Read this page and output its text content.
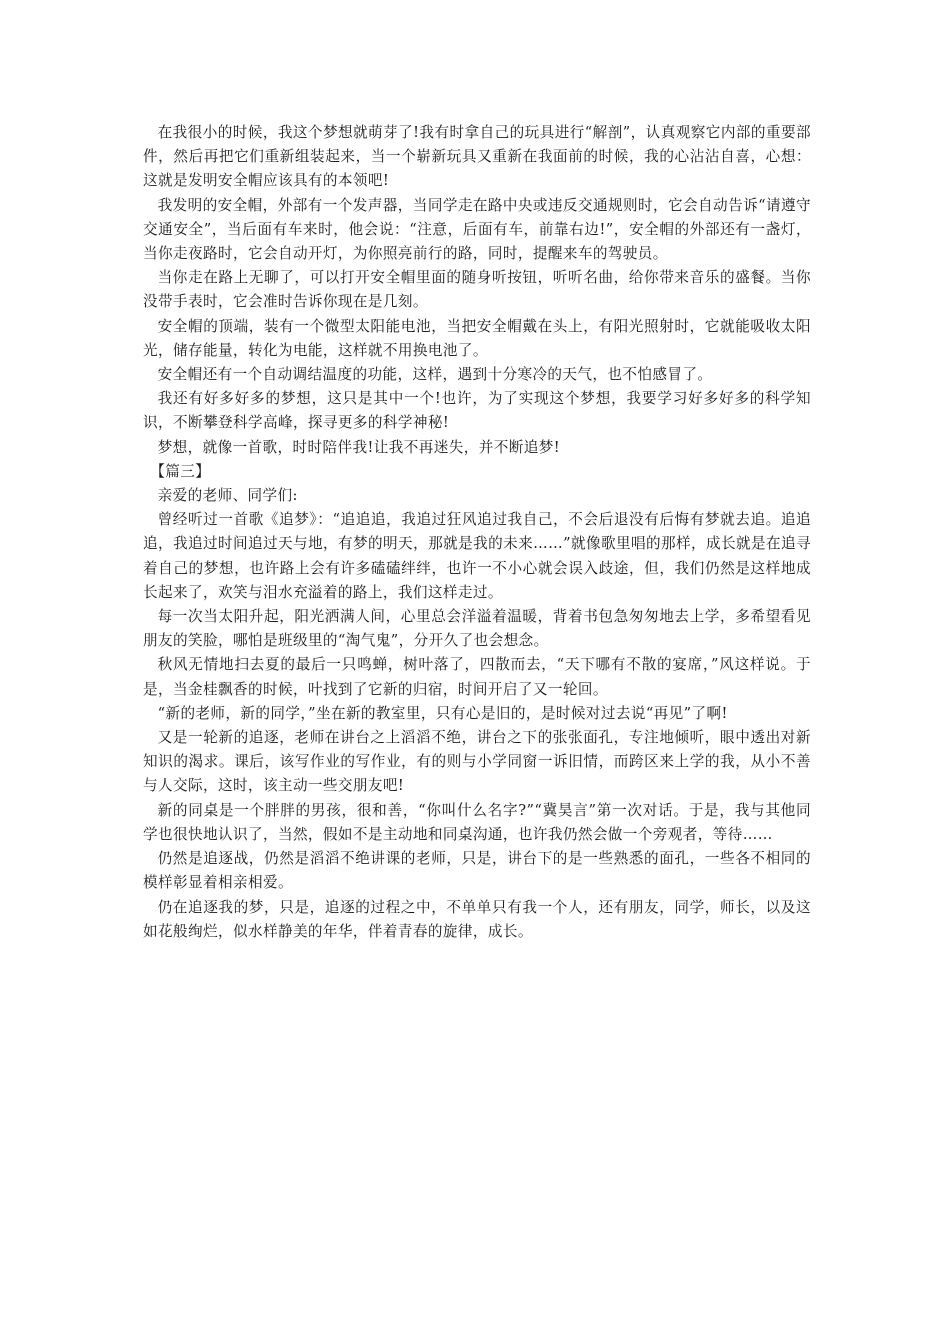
在我很小的时候，我这个梦想就萌芽了!我有时拿自己的玩具进行“解剖”，认真观察它内部的重要部件，然后再把它们重新组装起来，当一个崭新玩具又重新在我面前的时候，我的心沾沾自喜，心想：这就是发明安全帽应该具有的本领吧!

我发明的安全帽，外部有一个发声器，当同学走在路中央或违反交通规则时，它会自动告诉“请遵守交通安全”，当后面有车来时，他会说：“注意，后面有车，前靠右边!”，安全帽的外部还有一盏灯，当你走夜路时，它会自动开灯，为你照亮前行的路，同时，提醒来车的驾驶员。

当你走在路上无聊了，可以打开安全帽里面的随身听按钮，听听名曲，给你带来音乐的盛餐。当你没带手表时，它会准时告诉你现在是几刻。

安全帽的顶端，装有一个微型太阳能电池，当把安全帽戴在头上，有阳光照射时，它就能吸收太阳光，储存能量，转化为电能，这样就不用换电池了。

安全帽还有一个自动调结温度的功能，这样，遇到十分寒冷的天气，也不怕感冒了。

我还有好多好多的梦想，这只是其中一个!也许，为了实现这个梦想，我要学习好多好多的科学知识，不断攀登科学高峰，探寻更多的科学神秘!

梦想，就像一首歌，时时陪伴我!让我不再迷失，并不断追梦!

【篇三】

亲爱的老师、同学们:

曾经听过一首歌《追梦》：“追追追，我追过狂风追过我自己，不会后退没有后悔有梦就去追。追追追，我追过时间追过天与地，有梦的明天，那就是我的未来……”就像歌里唱的那样，成长就是在追寻着自己的梦想，也许路上会有许多磕磕绊绊，也许一不小心就会误入歧途，但，我们仍然是这样地成长起来了，欢笑与泪水充溢着的路上，我们这样走过。

每一次当太阳升起，阳光洒满人间，心里总会洋溢着温暖，背着书包急匆匆地去上学，多希望看见朋友的笑脸，哪怕是班级里的“淘气鬼”，分开久了也会想念。

秋风无情地扫去夏的最后一只鸣蝉，树叶落了，四散而去，“天下哪有不散的宴席，”风这样说。于是，当金桂飘香的时候，叶找到了它新的归宿，时间开启了又一轮回。

“新的老师，新的同学，”坐在新的教室里，只有心是旧的，是时候对过去说“再见”了啊!

又是一轮新的追逐，老师在讲台之上滔滔不绝，讲台之下的张张面孔，专注地倾听，眼中透出对新知识的渴求。课后，该写作业的写作业，有的则与小学同窗一诉旧情，而跨区来上学的我，从小不善与人交际，这时，该主动一些交朋友吧!

新的同桌是一个胖胖的男孩，很和善，“你叫什么名字?”“冀昊言”第一次对话。于是，我与其他同学也很快地认识了，当然，假如不是主动地和同桌沟通，也许我仍然会做一个旁观者，等待……

仍然是追逐战，仍然是滔滔不绝讲课的老师，只是，讲台下的是一些熟悉的面孔，一些各不相同的模样彰显着相亲相爱。

仍在追逐我的梦，只是，追逐的过程之中，不单单只有我一个人，还有朋友，同学，师长，以及这如花般绚烂，似水样静美的年华，伴着青春的旋律，成长。
